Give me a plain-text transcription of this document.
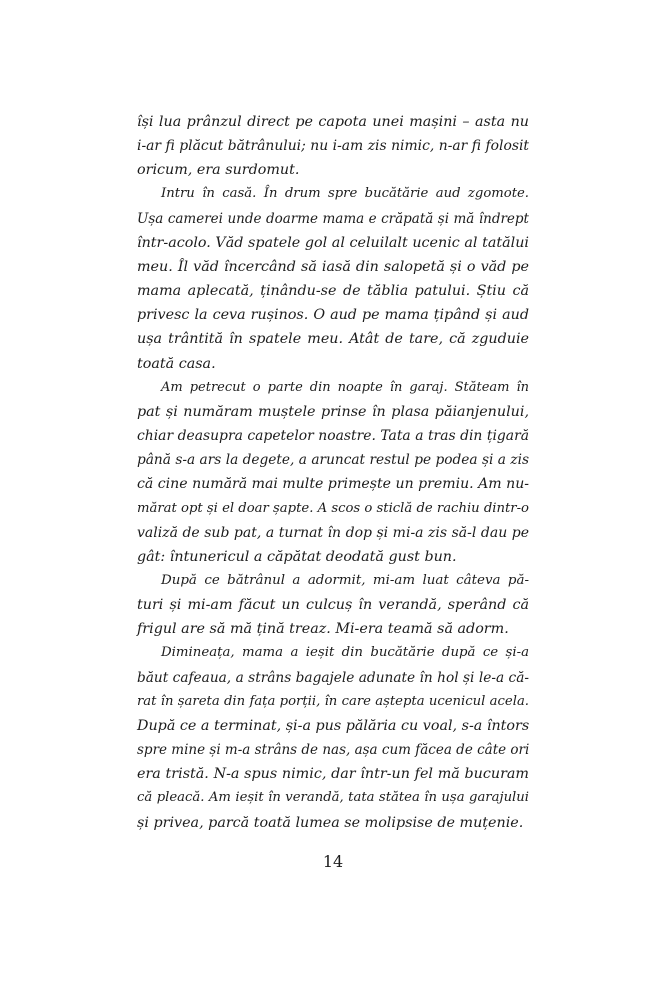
își lua prânzul direct pe capota unei mașini – asta nu
i-ar fi plăcut bătrânului; nu i-am zis nimic, n-ar fi folosit
oricum, era surdomut.
Intru în casă. În drum spre bucătărie aud zgomote.
Ușa camerei unde doarme mama e crăpată și mă îndrept
într-acolo. Văd spatele gol al celuilalt ucenic al tatălui
meu. Îl văd încercând să iasă din salopetă și o văd pe
mama aplecată, ținându-se de tăblia patului. Știu că
privesc la ceva rușinos. O aud pe mama țipând și aud
ușa trântită în spatele meu. Atât de tare, că zguduie
toată casa.
Am petrecut o parte din noapte în garaj. Stăteam în
pat și număram muștele prinse în plasa păianjenului,
chiar deasupra capetelor noastre. Tata a tras din țigară
până s-a ars la degete, a aruncat restul pe podea și a zis
că cine numără mai multe primește un premiu. Am nu-
mărat opt și el doar șapte. A scos o sticlă de rachiu dintr-o
valiză de sub pat, a turnat în dop și mi-a zis să-l dau pe
gât: întunericul a căpătat deodată gust bun.
După ce bătrânul a adormit, mi-am luat câteva pă-
turi și mi-am făcut un culcuș în verandă, sperând că
frigul are să mă țină treaz. Mi-era teamă să adorm.
Dimineața, mama a ieșit din bucătărie după ce și-a
băut cafeaua, a strâns bagajele adunate în hol și le-a că-
rat în șareta din fața porții, în care aștepta ucenicul acela.
După ce a terminat, și-a pus pălăria cu voal, s-a întors
spre mine și m-a strâns de nas, așa cum făcea de câte ori
era tristă. N-a spus nimic, dar într-un fel mă bucuram
că pleacă. Am ieșit în verandă, tata stătea în ușa garajului
și privea, parcă toată lumea se molipsise de muțenie.
14
